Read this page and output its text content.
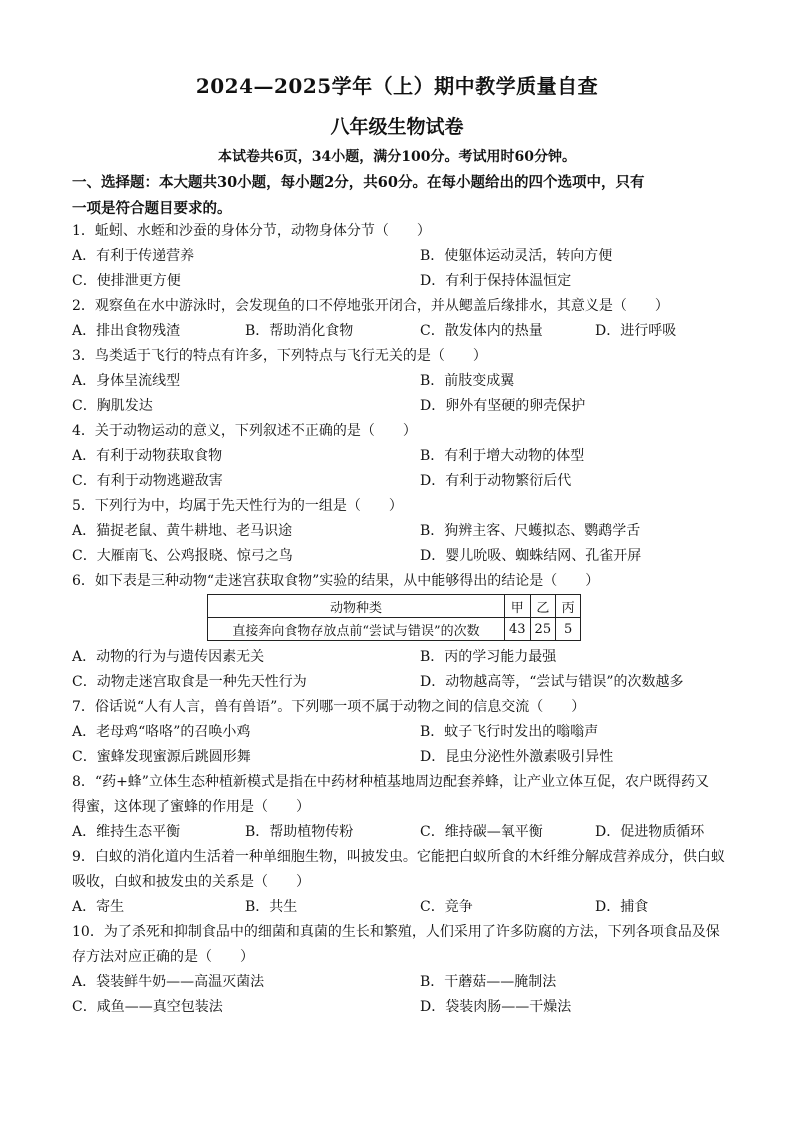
2024—2025学年（上）期中教学质量自查
八年级生物试卷
本试卷共6页，34小题，满分100分。考试用时60分钟。
一、选择题：本大题共30小题，每小题2分，共60分。在每小题给出的四个选项中，只有
一项是符合题目要求的。
1．蚯蚓、水蛭和沙蚕的身体分节，动物身体分节（　　）
A．有利于传递营养	B．使躯体运动灵活，转向方便
C．使排泄更方便	D．有利于保持体温恒定
2．观察鱼在水中游泳时，会发现鱼的口不停地张开闭合，并从鳃盖后缘排水，其意义是（　　）
A．排出食物残渣	B．帮助消化食物	C．散发体内的热量	D．进行呼吸
3．鸟类适于飞行的特点有许多，下列特点与飞行无关的是（　　）
A．身体呈流线型	B．前肢变成翼
C．胸肌发达	D．卵外有坚硬的卵壳保护
4．关于动物运动的意义，下列叙述不正确的是（　　）
A．有利于动物获取食物	B．有利于增大动物的体型
C．有利于动物逃避敌害	D．有利于动物繁衍后代
5．下列行为中，均属于先天性行为的一组是（　　）
A．猫捉老鼠、黄牛耕地、老马识途	B．狗辨主客、尺蠖拟态、鹦鹉学舌
C．大雁南飞、公鸡报晓、惊弓之鸟	D．婴儿吮吸、蜘蛛结网、孔雀开屏
6．如下表是三种动物“走迷宫获取食物”实验的结果，从中能够得出的结论是（　　）
动物种类	甲	乙	丙
直接奔向食物存放点前“尝试与错误”的次数	43	25	5
A．动物的行为与遗传因素无关	B．丙的学习能力最强
C．动物走迷宫取食是一种先天性行为	D．动物越高等，“尝试与错误”的次数越多
7．俗话说“人有人言，兽有兽语”。下列哪一项不属于动物之间的信息交流（　　）
A．老母鸡“咯咯”的召唤小鸡	B．蚊子飞行时发出的嗡嗡声
C．蜜蜂发现蜜源后跳圆形舞	D．昆虫分泌性外激素吸引异性
8．“药+蜂”立体生态种植新模式是指在中药材种植基地周边配套养蜂，让产业立体互促，农户既得药又
得蜜，这体现了蜜蜂的作用是（　　）
A．维持生态平衡	B．帮助植物传粉	C．维持碳—氧平衡	D．促进物质循环
9．白蚁的消化道内生活着一种单细胞生物，叫披发虫。它能把白蚁所食的木纤维分解成营养成分，供白蚁
吸收，白蚁和披发虫的关系是（　　）
A．寄生	B．共生	C．竞争	D．捕食
10．为了杀死和抑制食品中的细菌和真菌的生长和繁殖，人们采用了许多防腐的方法，下列各项食品及保
存方法对应正确的是（　　）
A．袋装鲜牛奶——高温灭菌法	B．干蘑菇——腌制法
C．咸鱼——真空包装法	D．袋装肉肠——干燥法
